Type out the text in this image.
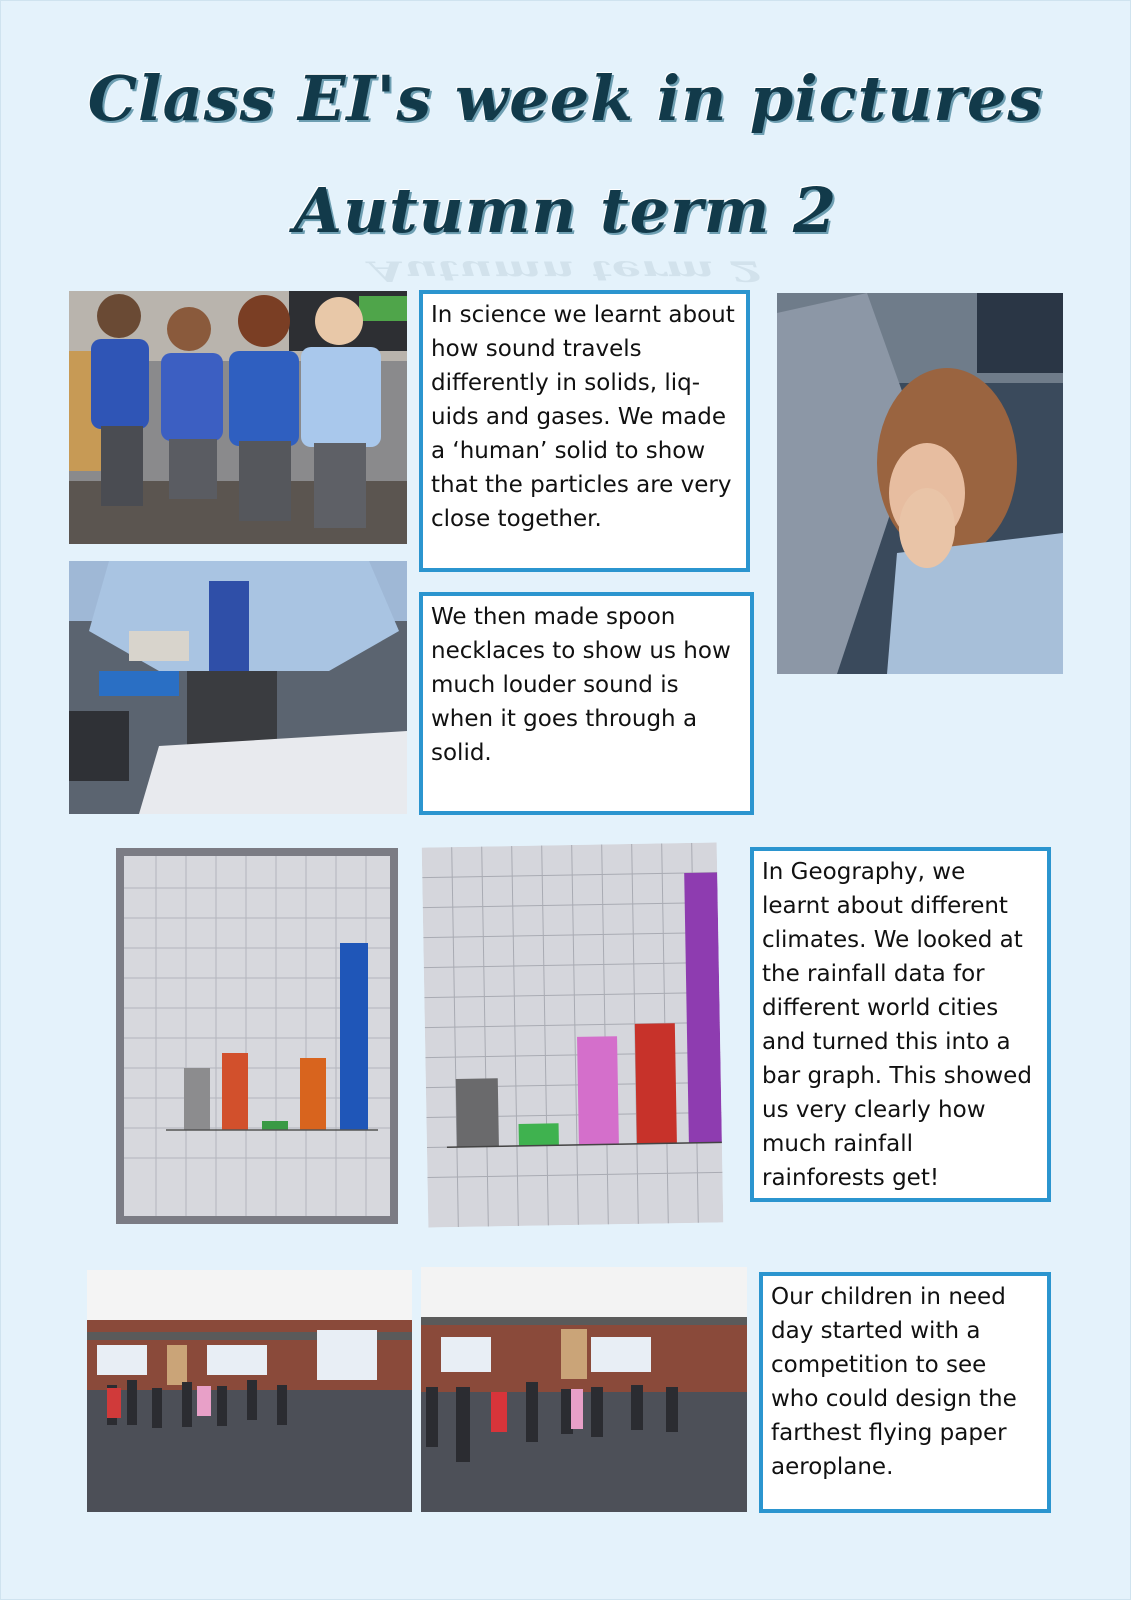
Class EI's week in pictures
Autumn term 2
Autumn term 2
In science we learnt about how sound travels differently in solids, liq-uids and gases. We made a ‘human’ solid to show that the particles are very close together.
We then made spoon necklaces to show us how much louder sound is when it goes through a solid.
In Geography, we learnt about different climates. We looked at the rainfall data for different world cities and turned this into a bar graph. This showed us very clearly how much rainfall rainforests get!
Our children in need day started with a competition to see who could design the farthest flying paper aeroplane.
